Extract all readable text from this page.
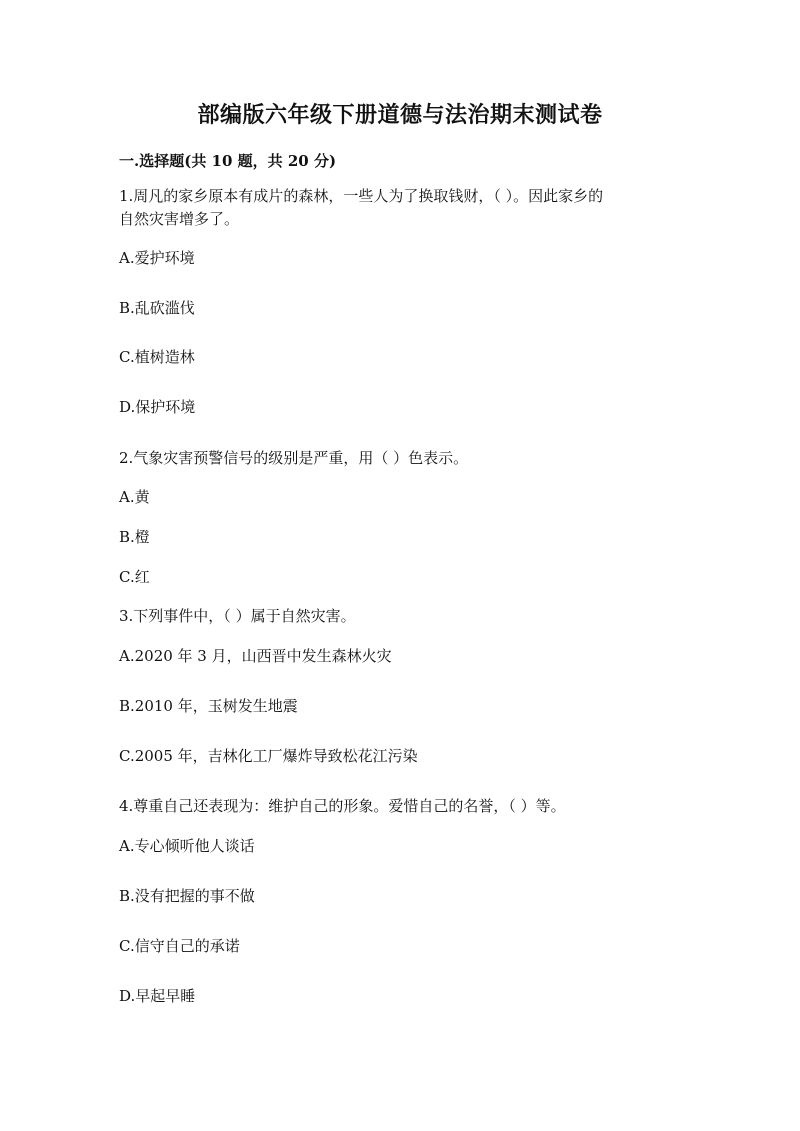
部编版六年级下册道德与法治期末测试卷
一.选择题(共 10 题，共 20 分)
1.周凡的家乡原本有成片的森林，一些人为了换取钱财，（ ）。因此家乡的
自然灾害增多了。
A.爱护环境
B.乱砍滥伐
C.植树造林
D.保护环境
2.气象灾害预警信号的级别是严重，用（ ）色表示。
A.黄
B.橙
C.红
3.下列事件中，（ ）属于自然灾害。
A.2020 年 3 月，山西晋中发生森林火灾
B.2010 年，玉树发生地震
C.2005 年，吉林化工厂爆炸导致松花江污染
4.尊重自己还表现为：维护自己的形象。爱惜自己的名誉，（ ）等。
A.专心倾听他人谈话
B.没有把握的事不做
C.信守自己的承诺
D.早起早睡
